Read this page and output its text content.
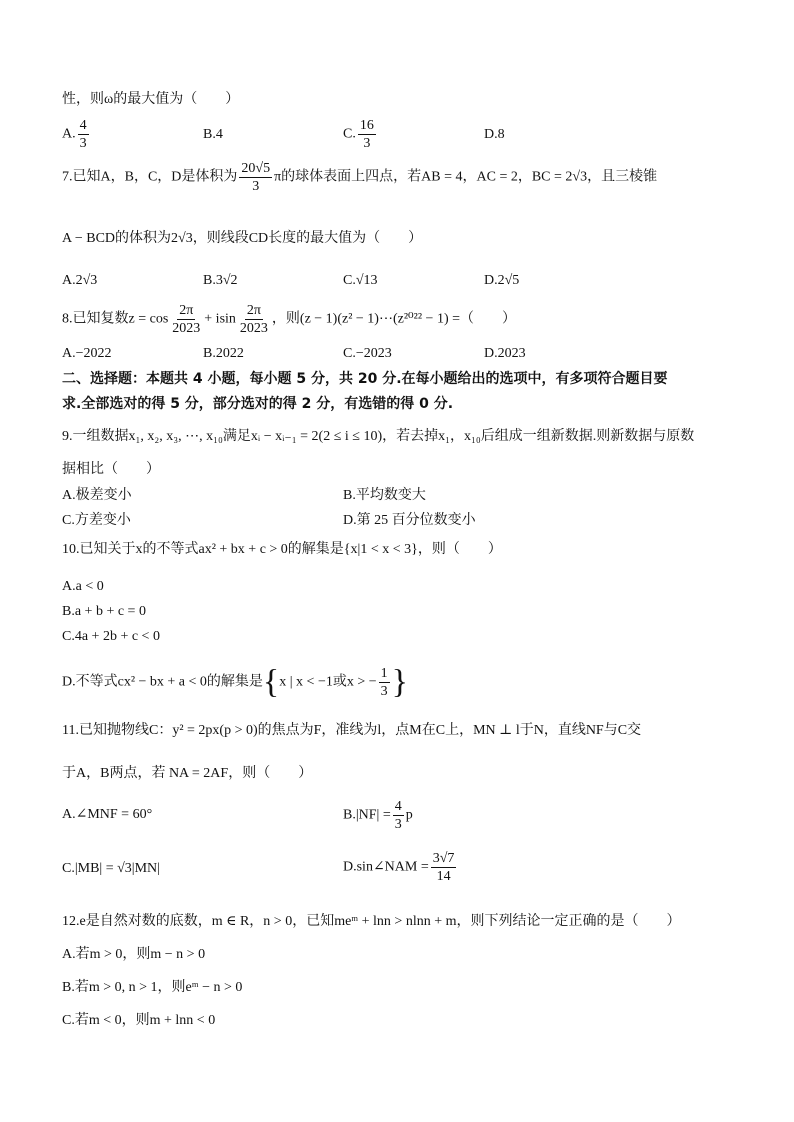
性，则ω的最大值为（　　）
A. $\frac{4}{3}$	B.4	C. $\frac{16}{3}$	D.8
7.已知A，B，C，D是体积为 $\frac{20√5}{3}$ π的球体表面上四点，若AB = 4，AC = 2，BC = 2√3，且三棱锥
A − BCD的体积为2√3，则线段CD长度的最大值为（　　）
A.2√3	B.3√2	C.√13	D.2√5
8.已知复数$z = \cos \frac{2\pi}{2023} + isin \frac{2\pi}{2023}$ ，则(z − 1)(z² − 1)⋯(z²⁰²² − 1) =（　　）
A.−2022	B.2022	C.−2023	D.2023
二、选择题：本题共 4 小题，每小题 5 分，共 20 分.在每小题给出的选项中，有多项符合题目要
求.全部选对的得 5 分，部分选对的得 2 分，有选错的得 0 分.
9.一组数据x₁, x₂, x₃, ⋯, x₁₀满足xᵢ − xᵢ₋₁ = 2(2 ≤ i ≤ 10)，若去掉x₁，x₁₀后组成一组新数据.则新数据与原数
据相比（　　）
A.极差变小	B.平均数变大
C.方差变小	D.第 25 百分位数变小
10.已知关于x的不等式ax² + bx + c > 0的解集是{x|1 < x < 3}，则（　　）
A.a < 0
B.a + b + c = 0
C.4a + 2b + c < 0
D.不等式cx² − bx + a < 0的解集是{x | x < −1或x > − $\frac{1}{3}$ }
11.已知抛物线C：y² = 2px(p > 0)的焦点为F，准线为l，点M在C上，MN ⊥ l于N，直线NF与C交
于A，B两点，若 NA = 2AF，则（　　）
A.∠MNF = 60°	$B.|NF| = \frac{4}{3}$ p
C.|MB| = √3|MN|	D.sin∠NAM = $\frac{3√7}{14}$
12.e是自然对数的底数，m ∈ R，n > 0，已知meᵐ + lnn > nlnn + m，则下列结论一定正确的是（　　）
A.若m > 0，则m − n > 0
B.若m > 0, n > 1，则eᵐ − n > 0
C.若m < 0，则m + lnn < 0
